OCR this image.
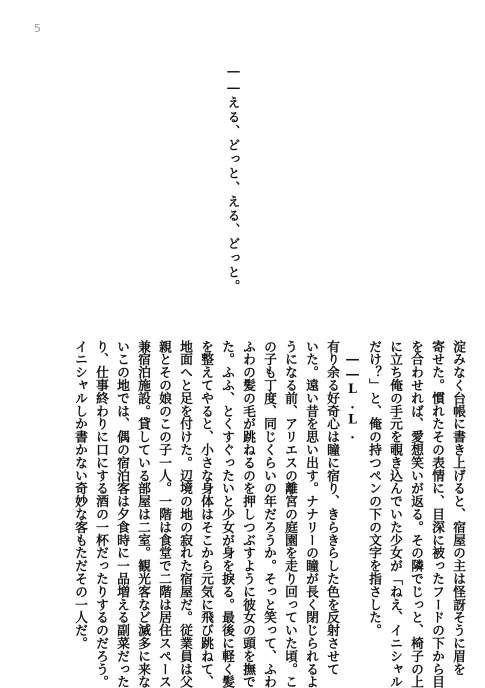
5
――える、どっと、える、どっと。
淀みなく台帳に書き上げると、宿屋の主は怪訝そうに眉を
寄せた。慣れたその表情に、目深に被ったフードの下から目
を合わせれば、愛想笑いが返る。その隣でじっと、椅子の上
に立ち俺の手元を覗き込んでいた少女が「ねえ、イニシャル
だけ？」と、俺の持つペンの下の文字を指さした。
――L.L.
有り余る好奇心は瞳に宿り、きらきらした色を反射させて
いた。遠い昔を思い出す。ナナリーの瞳が長く閉じられるよ
うになる前、アリエスの離宮の庭園を走り回っていた頃。こ
の子も丁度、同じくらいの年だろうか。そっと笑って、ふわ
ふわの髪の毛が跳ねるのを押しつぶすように彼女の頭を撫で
た。ふふ、とくすぐったいと少女が身を捩る。最後に軽く髪
を整えてやると、小さな身体はそこから元気に飛び跳ねて、
地面へと足を付けた。辺境の地の寂れた宿屋だ。従業員は父
親とその娘のこの子一人。一階は食堂で二階は居住スペース
兼宿泊施設。貸している部屋は二室。観光客など滅多に来な
いこの地では、偶の宿泊客は夕食時に一品増える副菜だった
り、仕事終わりに口にする酒の一杯だったりするのだろう。
イニシャルしか書かない奇妙な客もただその一人だ。
